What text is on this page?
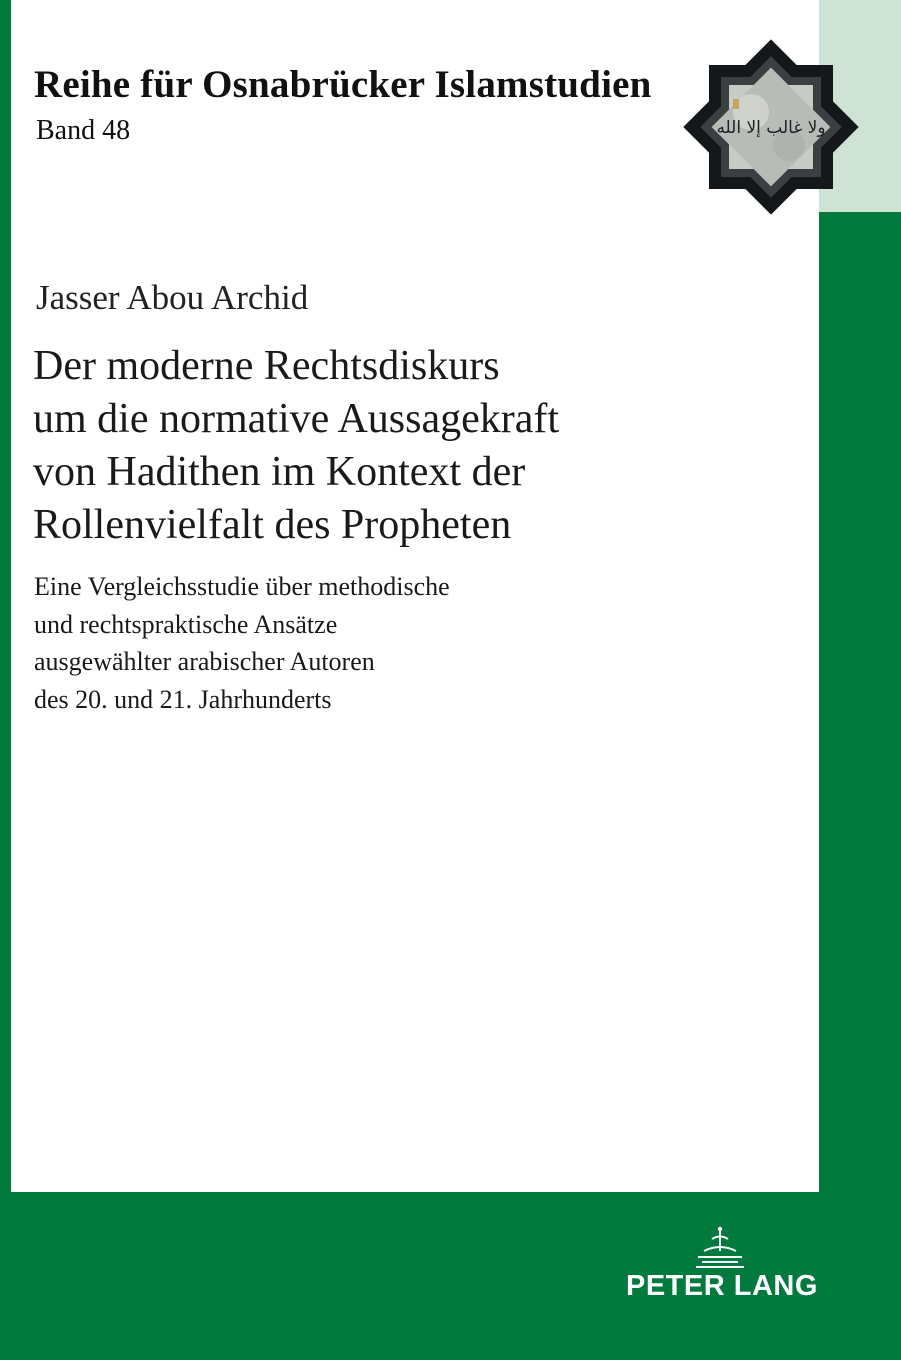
Reihe für Osnabrücker Islamstudien

Band 48	ولا غالب إلا الله

Jasser Abou Archid

Der moderne Rechtsdiskurs
um die normative Aussagekraft
von Hadithen im Kontext der
Rollenvielfalt des Propheten

Eine Vergleichsstudie über methodische
und rechtspraktische Ansätze
ausgewählter arabischer Autoren
des 20. und 21. Jahrhunderts

PETER LANG
